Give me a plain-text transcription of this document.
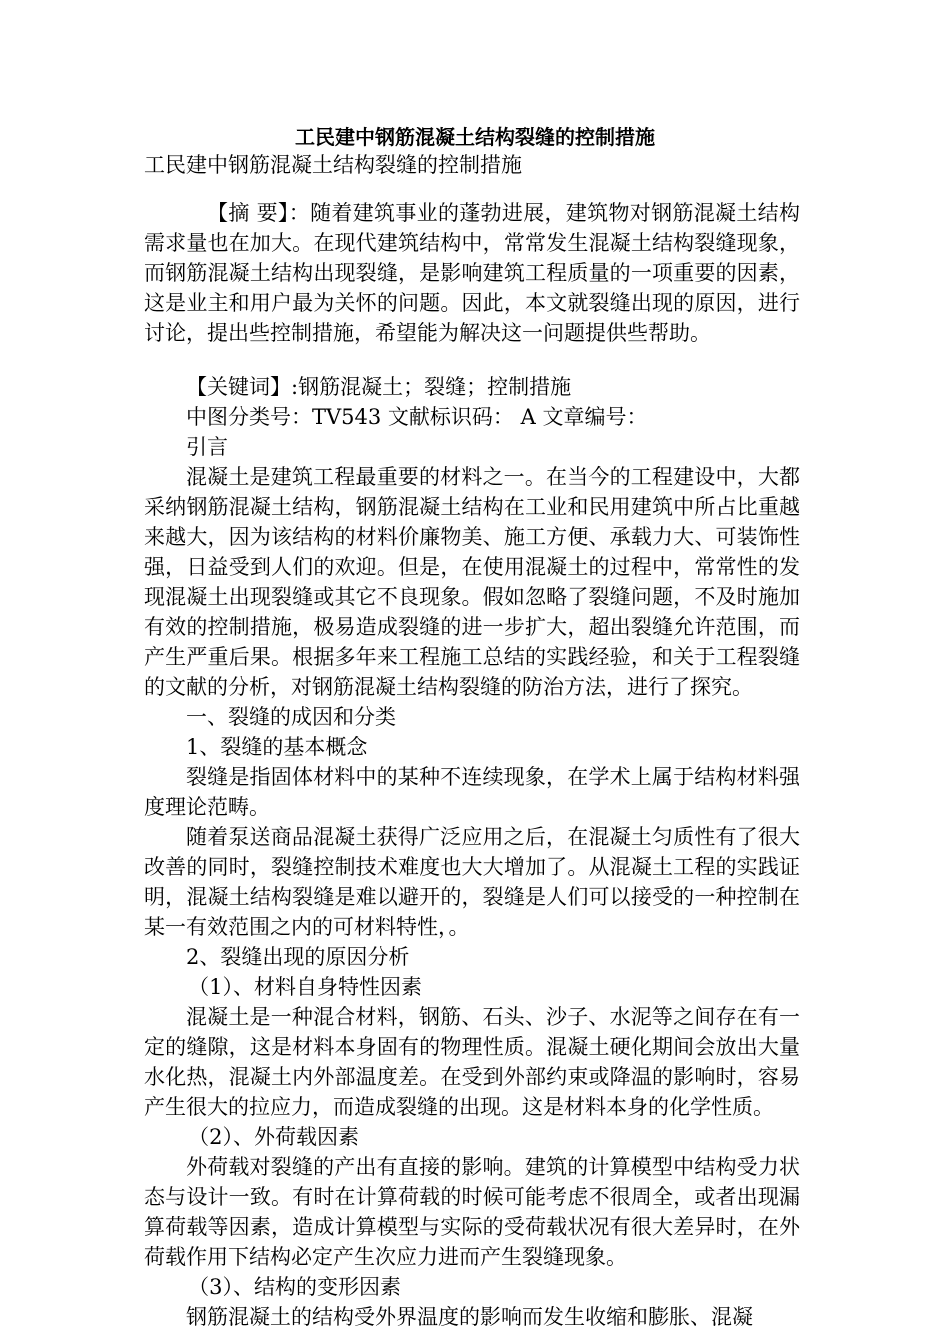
工民建中钢筋混凝土结构裂缝的控制措施
工民建中钢筋混凝土结构裂缝的控制措施

【摘 要】：随着建筑事业的蓬勃进展，建筑物对钢筋混凝土结构需求量也在加大。在现代建筑结构中，常常发生混凝土结构裂缝现象，而钢筋混凝土结构出现裂缝，是影响建筑工程质量的一项重要的因素，这是业主和用户最为关怀的问题。因此，本文就裂缝出现的原因，进行讨论，提出些控制措施，希望能为解决这一问题提供些帮助。

【关键词】:钢筋混凝土；裂缝；控制措施

中图分类号：TV543 文献标识码： A 文章编号：

引言

混凝土是建筑工程最重要的材料之一。在当今的工程建设中，大都采纳钢筋混凝土结构，钢筋混凝土结构在工业和民用建筑中所占比重越来越大，因为该结构的材料价廉物美、施工方便、承载力大、可装饰性强，日益受到人们的欢迎。但是，在使用混凝土的过程中，常常性的发现混凝土出现裂缝或其它不良现象。假如忽略了裂缝问题，不及时施加有效的控制措施，极易造成裂缝的进一步扩大，超出裂缝允许范围，而产生严重后果。根据多年来工程施工总结的实践经验，和关于工程裂缝的文献的分析，对钢筋混凝土结构裂缝的防治方法，进行了探究。

一、裂缝的成因和分类

1、裂缝的基本概念

裂缝是指固体材料中的某种不连续现象，在学术上属于结构材料强度理论范畴。

随着泵送商品混凝土获得广泛应用之后，在混凝土匀质性有了很大改善的同时，裂缝控制技术难度也大大增加了。从混凝土工程的实践证明，混凝土结构裂缝是难以避开的，裂缝是人们可以接受的一种控制在某一有效范围之内的可材料特性，。

2、裂缝出现的原因分析

（1）、材料自身特性因素

混凝土是一种混合材料，钢筋、石头、沙子、水泥等之间存在有一定的缝隙，这是材料本身固有的物理性质。混凝土硬化期间会放出大量水化热，混凝土内外部温度差。在受到外部约束或降温的影响时，容易产生很大的拉应力，而造成裂缝的出现。这是材料本身的化学性质。

（2）、外荷载因素

外荷载对裂缝的产出有直接的影响。建筑的计算模型中结构受力状态与设计一致。有时在计算荷载的时候可能考虑不很周全，或者出现漏算荷载等因素，造成计算模型与实际的受荷载状况有很大差异时，在外荷载作用下结构必定产生次应力进而产生裂缝现象。

（3）、结构的变形因素

钢筋混凝土的结构受外界温度的影响而发生收缩和膨胀、混凝
